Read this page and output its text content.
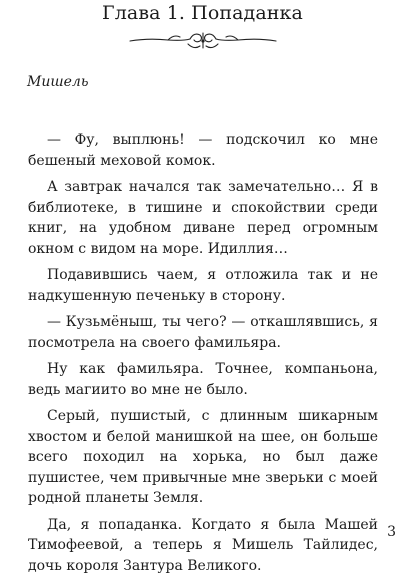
Глава 1. Попаданка
Мишель

— Фу, выплюнь! — подскочил ко мне бешеный меховой комок.

А завтрак начался так замечательно… Я в библиотеке, в тишине и спокойствии среди книг, на удобном диване перед огромным окном с видом на море. Идиллия…

Подавившись чаем, я отложила так и не надкушенную печеньку в сторону.

— Кузьмёныш, ты чего? — откашлявшись, я посмотрела на своего фамильяра.

Ну как фамильяра. Точнее, компаньона, ведь магиито во мне не было.

Серый, пушистый, с длинным шикарным хвостом и белой манишкой на шее, он больше всего походил на хорька, но был даже пушистее, чем привычные мне зверьки с моей родной планеты Земля.

Да, я попаданка. Когдато я была Машей Тимофеевой, а теперь я Мишель Тайлидес, дочь короля Зантура Великого.

3
